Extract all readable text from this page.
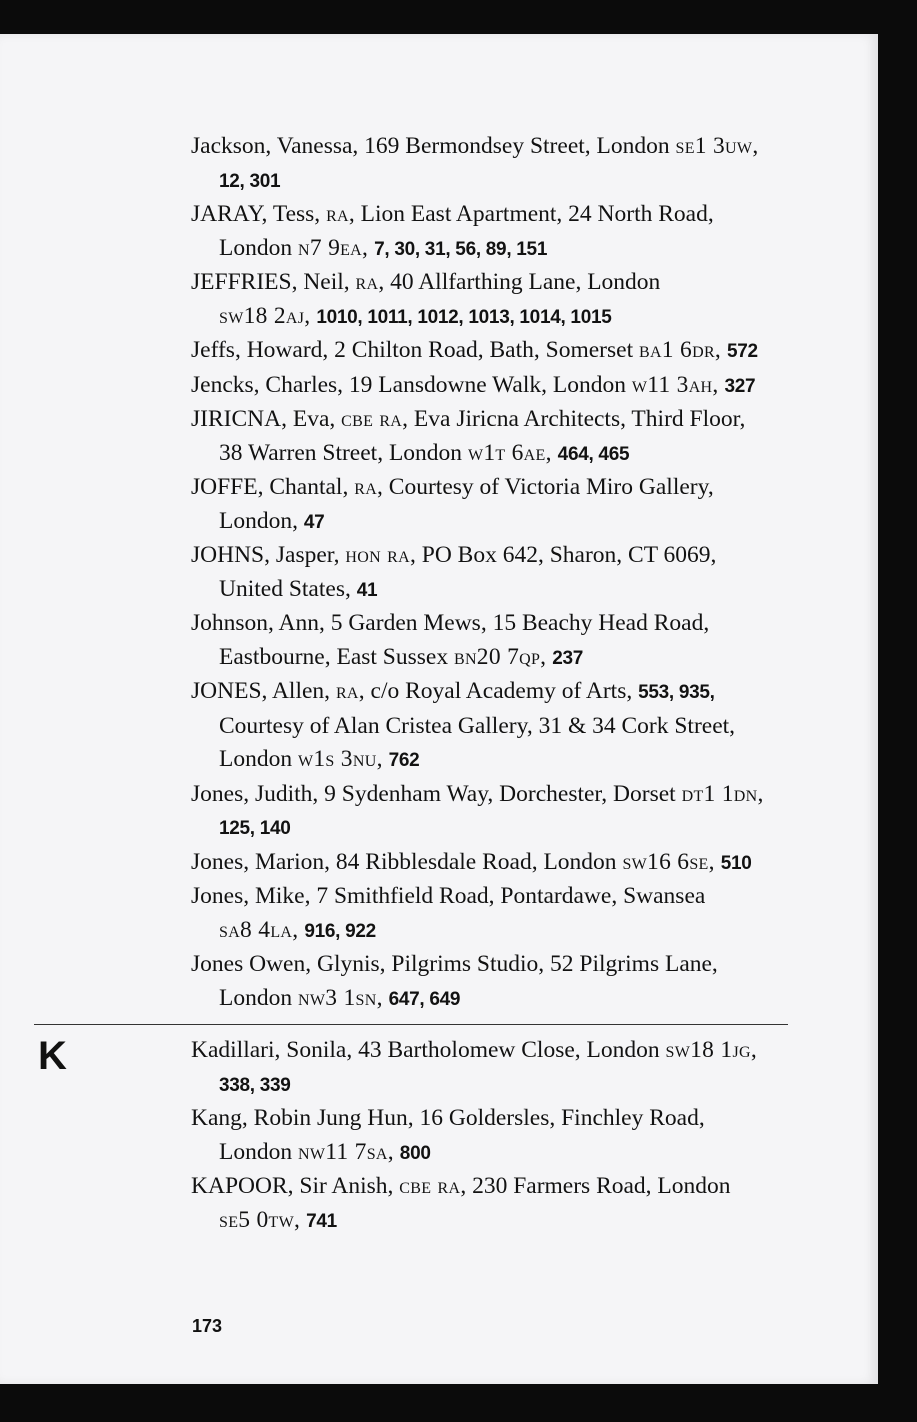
Jackson, Vanessa, 169 Bermondsey Street, London se1 3uw,
12, 301
JARAY, Tess, ra, Lion East Apartment, 24 North Road,
London n7 9ea, 7, 30, 31, 56, 89, 151
JEFFRIES, Neil, ra, 40 Allfarthing Lane, London
sw18 2aj, 1010, 1011, 1012, 1013, 1014, 1015
Jeffs, Howard, 2 Chilton Road, Bath, Somerset ba1 6dr, 572
Jencks, Charles, 19 Lansdowne Walk, London w11 3ah, 327
JIRICNA, Eva, cbe ra, Eva Jiricna Architects, Third Floor,
38 Warren Street, London w1t 6ae, 464, 465
JOFFE, Chantal, ra, Courtesy of Victoria Miro Gallery,
London, 47
JOHNS, Jasper, hon ra, PO Box 642, Sharon, CT 6069,
United States, 41
Johnson, Ann, 5 Garden Mews, 15 Beachy Head Road,
Eastbourne, East Sussex bn20 7qp, 237
JONES, Allen, ra, c/o Royal Academy of Arts, 553, 935,
Courtesy of Alan Cristea Gallery, 31 & 34 Cork Street,
London w1s 3nu, 762
Jones, Judith, 9 Sydenham Way, Dorchester, Dorset dt1 1dn,
125, 140
Jones, Marion, 84 Ribblesdale Road, London sw16 6se, 510
Jones, Mike, 7 Smithfield Road, Pontardawe, Swansea
sa8 4la, 916, 922
Jones Owen, Glynis, Pilgrims Studio, 52 Pilgrims Lane,
London nw3 1sn, 647, 649
K	Kadillari, Sonila, 43 Bartholomew Close, London sw18 1jg,
338, 339
Kang, Robin Jung Hun, 16 Goldersles, Finchley Road,
London nw11 7sa, 800
KAPOOR, Sir Anish, cbe ra, 230 Farmers Road, London
se5 0tw, 741
173
